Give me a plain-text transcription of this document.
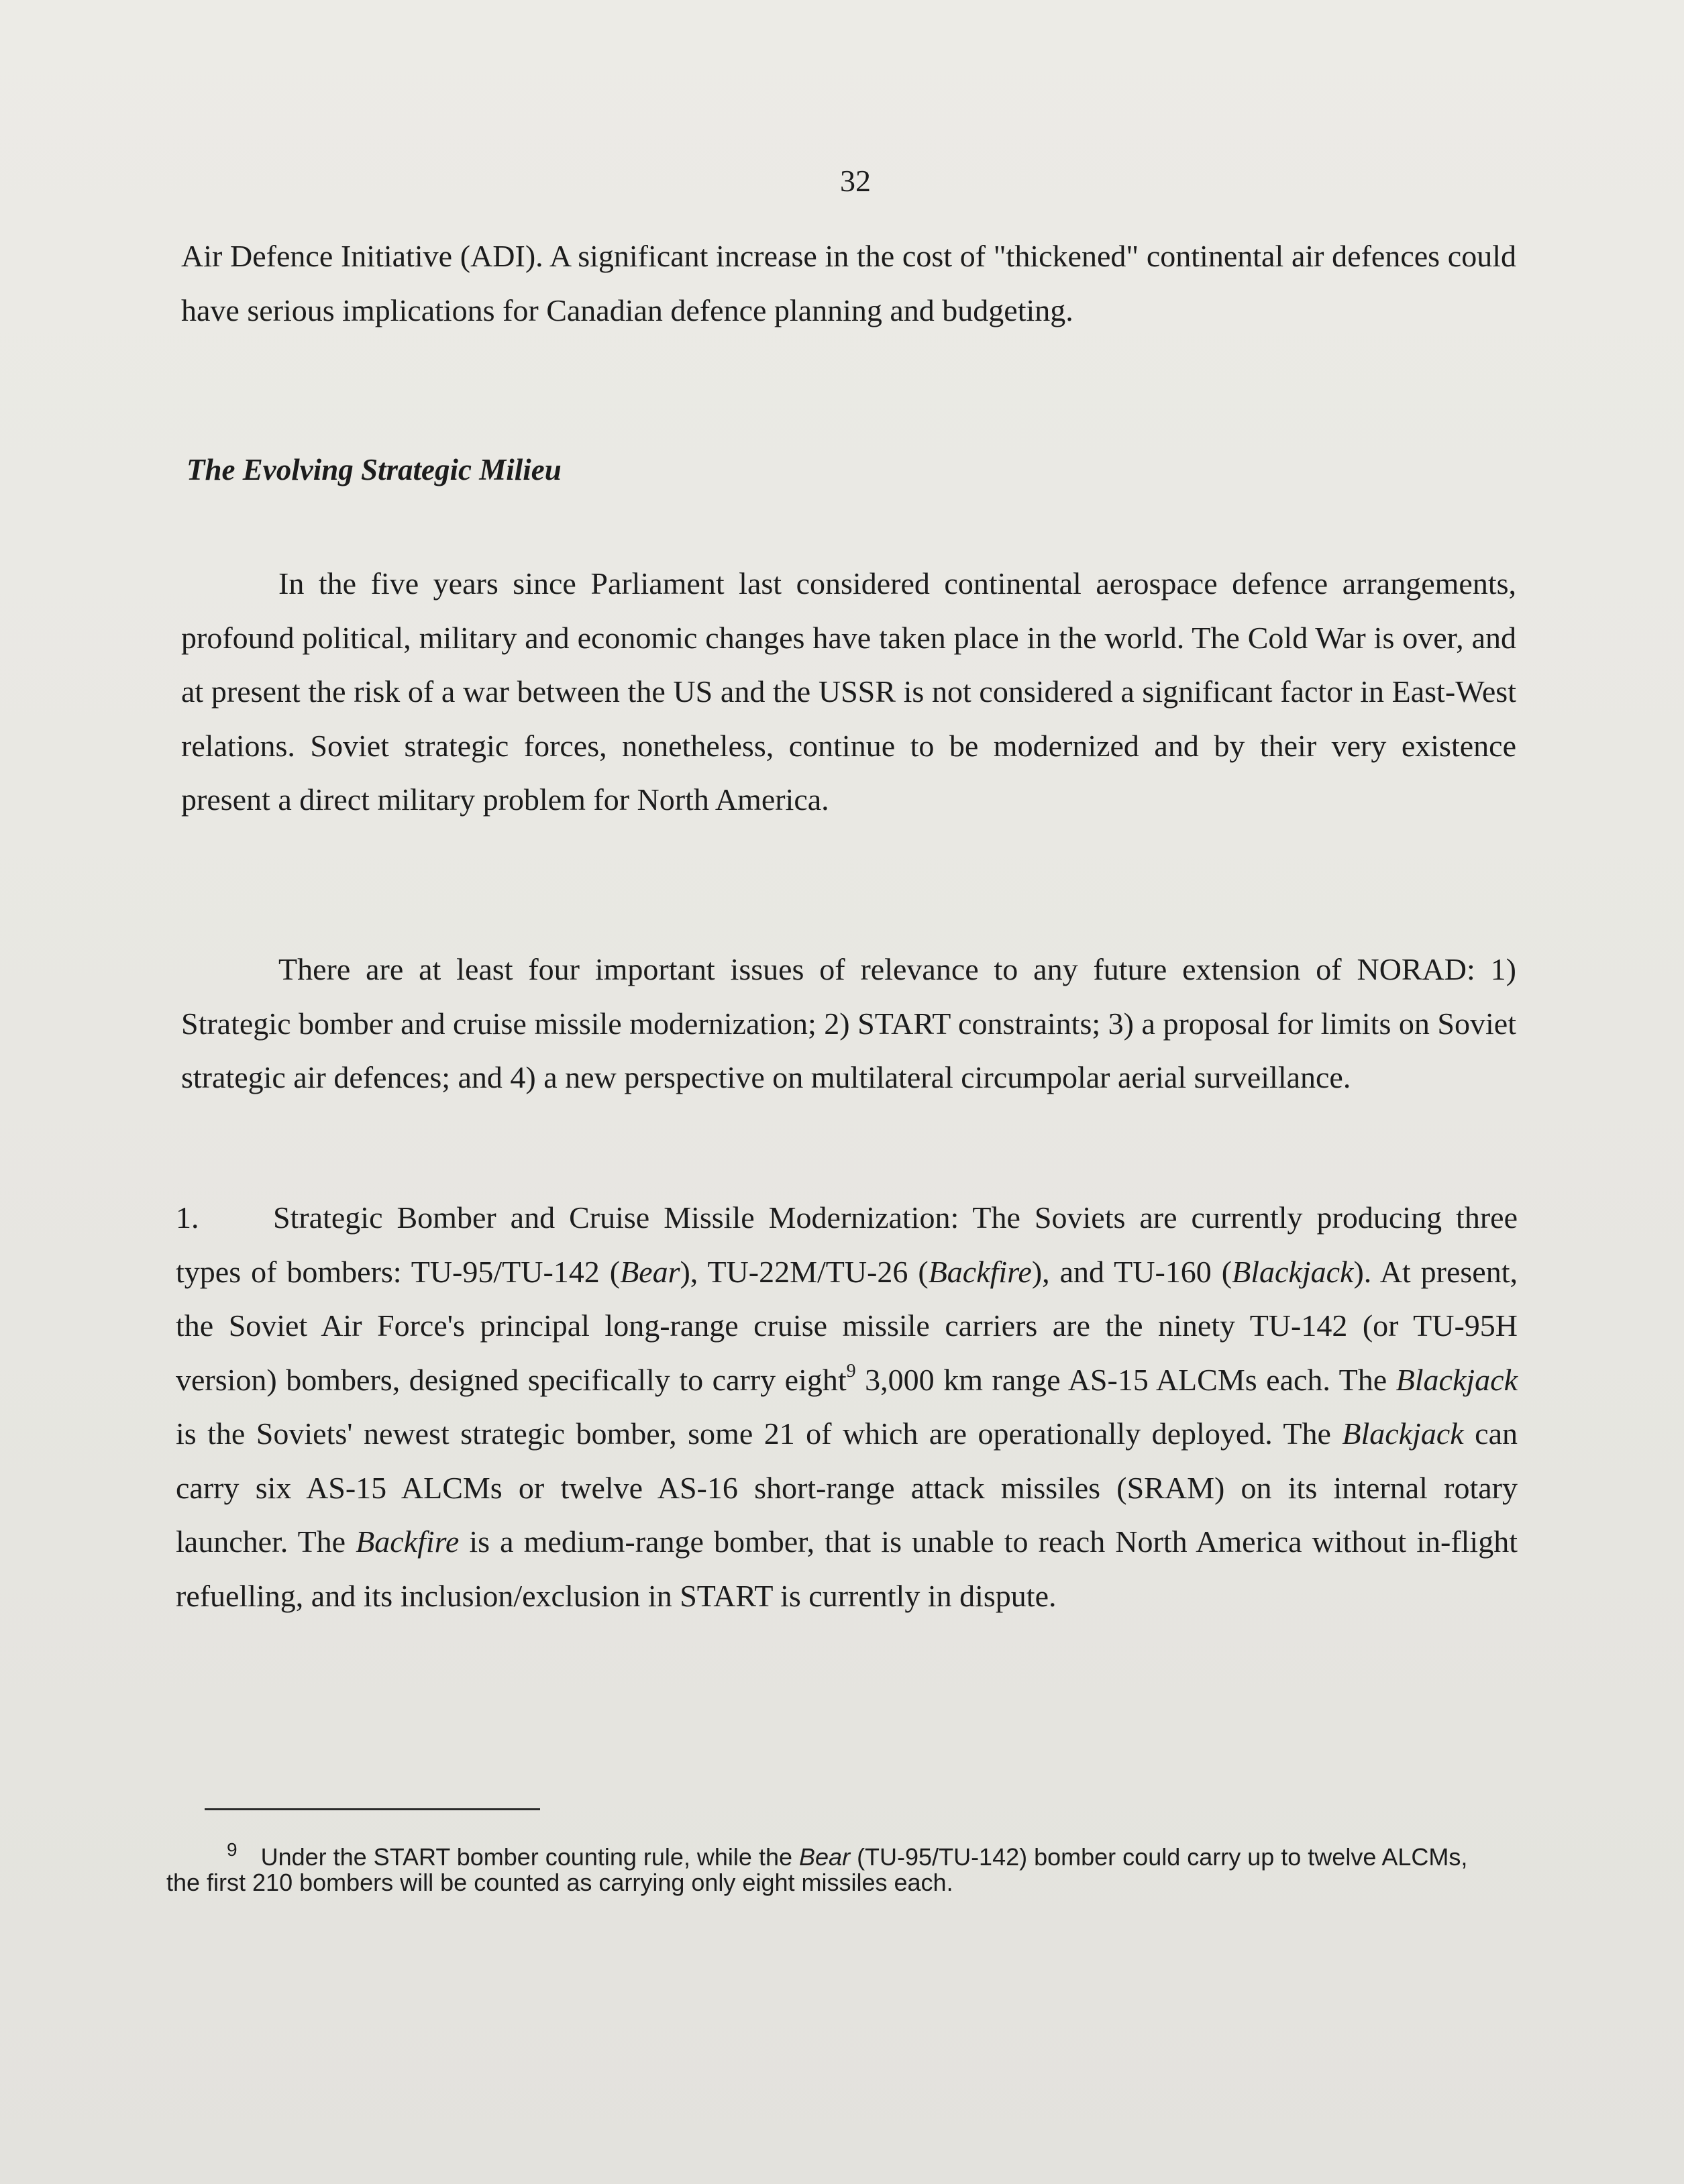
32

Air Defence Initiative (ADI). A significant increase in the cost of "thickened" continental air defences could have serious implications for Canadian defence planning and budgeting.

The Evolving Strategic Milieu

In the five years since Parliament last considered continental aerospace defence arrangements, profound political, military and economic changes have taken place in the world. The Cold War is over, and at present the risk of a war between the US and the USSR is not considered a significant factor in East-West relations. Soviet strategic forces, nonetheless, continue to be modernized and by their very existence present a direct military problem for North America.

There are at least four important issues of relevance to any future extension of NORAD: 1) Strategic bomber and cruise missile modernization; 2) START constraints; 3) a proposal for limits on Soviet strategic air defences; and 4) a new perspective on multilateral circumpolar aerial surveillance.

1. Strategic Bomber and Cruise Missile Modernization: The Soviets are currently producing three types of bombers: TU-95/TU-142 (Bear), TU-22M/TU-26 (Backfire), and TU-160 (Blackjack). At present, the Soviet Air Force's principal long-range cruise missile carriers are the ninety TU-142 (or TU-95H version) bombers, designed specifically to carry eight$^9$ 3,000 km range AS-15 ALCMs each. The Blackjack is the Soviets' newest strategic bomber, some 21 of which are operationally deployed. The Blackjack can carry six AS-15 ALCMs or twelve AS-16 short-range attack missiles (SRAM) on its internal rotary launcher. The Backfire is a medium-range bomber, that is unable to reach North America without in-flight refuelling, and its inclusion/exclusion in START is currently in dispute.

$^9$ Under the START bomber counting rule, while the Bear (TU-95/TU-142) bomber could carry up to twelve ALCMs, the first 210 bombers will be counted as carrying only eight missiles each.
